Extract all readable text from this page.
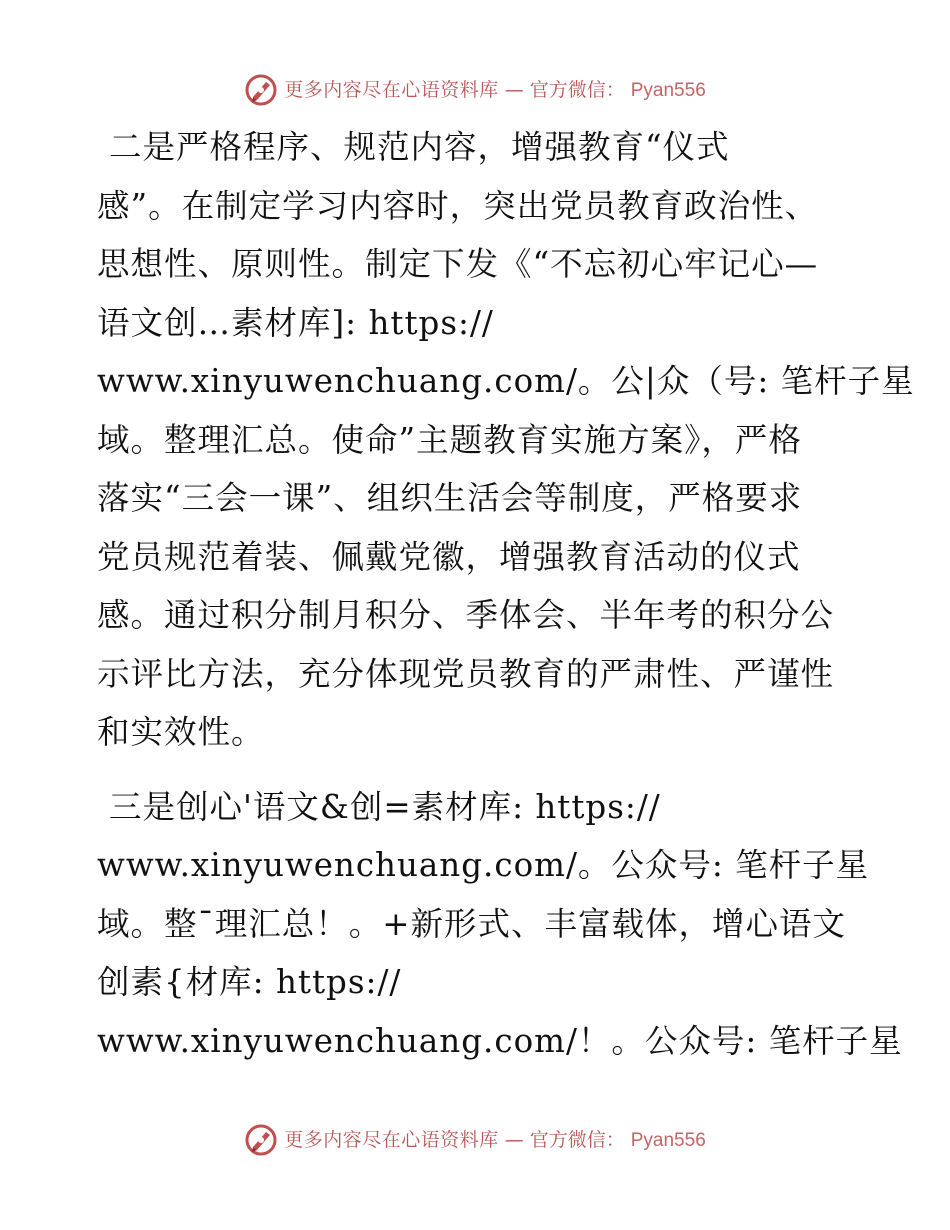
更多内容尽在心语资料库 — 官方微信： Pyan556
二是严格程序、规范内容，增强教育“仪式
感”。在制定学习内容时，突出党员教育政治性、
思想性、原则性。制定下发《“不忘初心牢记心—
语文创…素材库]: https://
www.xinyuwenchuang.com/。公|众（号: 笔杆子星
域。整理汇总。使命”主题教育实施方案》，严格
落实“三会一课”、组织生活会等制度，严格要求
党员规范着装、佩戴党徽，增强教育活动的仪式
感。通过积分制月积分、季体会、半年考的积分公
示评比方法，充分体现党员教育的严肃性、严谨性
和实效性。
三是创心'语文&创=素材库: https://
www.xinyuwenchuang.com/。公众号: 笔杆子星
域。整¯理汇总！。+新形式、丰富载体，增心语文
创素{材库: https://
www.xinyuwenchuang.com/！。公众号: 笔杆子星
更多内容尽在心语资料库 — 官方微信： Pyan556
